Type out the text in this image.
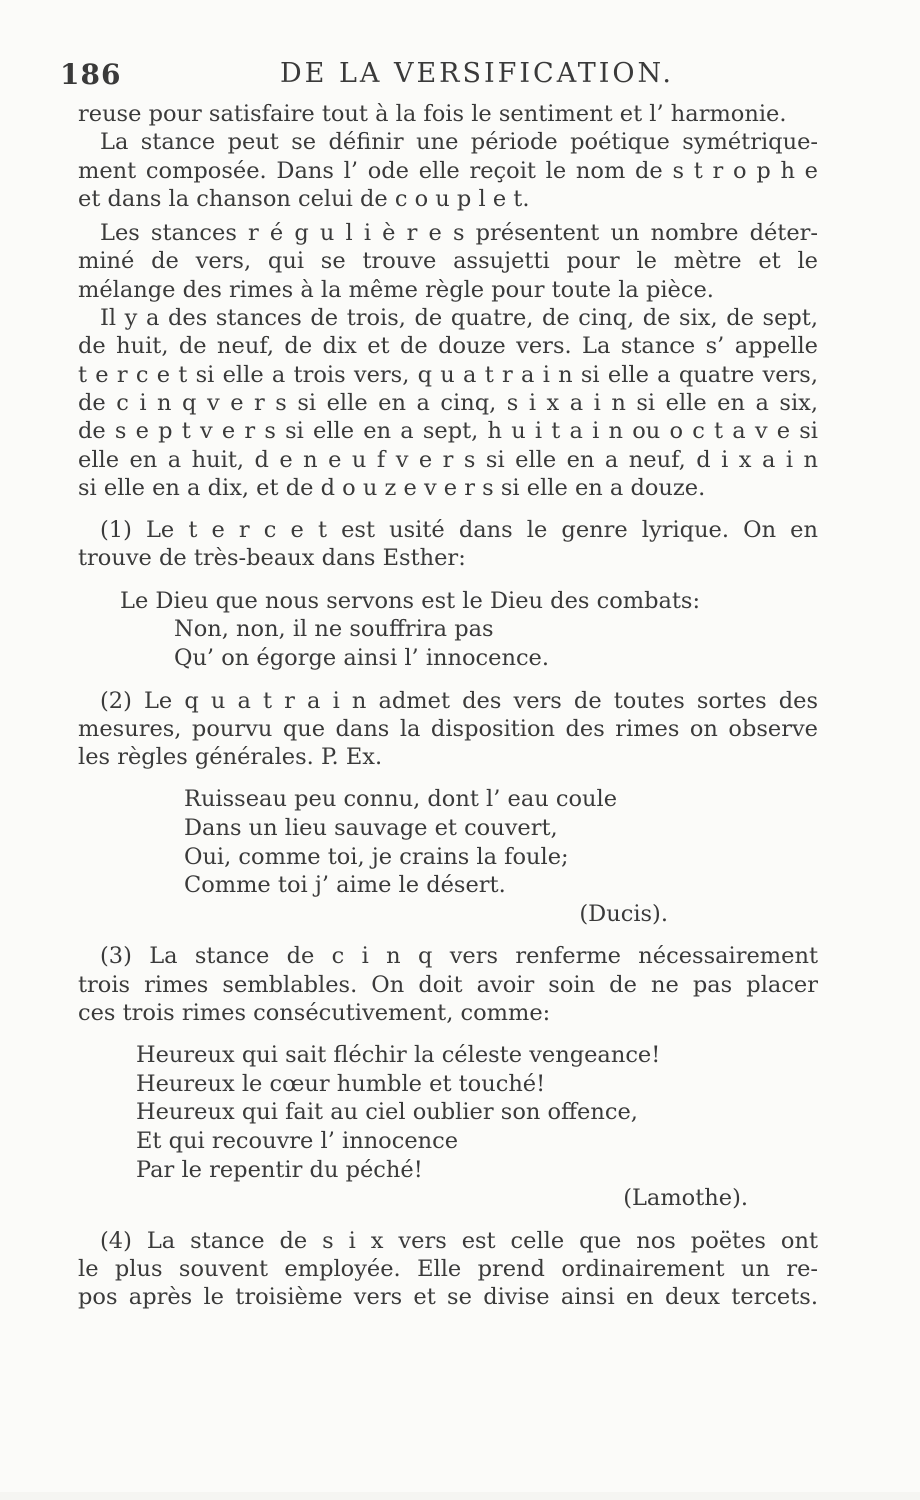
186	DE LA VERSIFICATION.
reuse pour satisfaire tout à la fois le sentiment et l’ harmonie.
La stance peut se définir une période poétique symétrique-
ment composée. Dans l’ ode elle reçoit le nom de s t r o p h e
et dans la chanson celui de c o u p l e t.
Les stances r é g u l i è r e s présentent un nombre déter-
miné de vers, qui se trouve assujetti pour le mètre et le
mélange des rimes à la même règle pour toute la pièce.
Il y a des stances de trois, de quatre, de cinq, de six, de sept,
de huit, de neuf, de dix et de douze vers. La stance s’ appelle
t e r c e t si elle a trois vers, q u a t r a i n si elle a quatre vers,
de c i n q v e r s si elle en a cinq, s i x a i n si elle en a six,
de s e p t v e r s si elle en a sept, h u i t a i n ou o c t a v e si
elle en a huit, d e n e u f v e r s si elle en a neuf, d i x a i n
si elle en a dix, et de d o u z e v e r s si elle en a douze.
(1) Le t e r c e t est usité dans le genre lyrique. On en
trouve de très-beaux dans Esther:
Le Dieu que nous servons est le Dieu des combats:
Non, non, il ne souffrira pas
Qu’ on égorge ainsi l’ innocence.
(2) Le q u a t r a i n admet des vers de toutes sortes des
mesures, pourvu que dans la disposition des rimes on observe
les règles générales. P. Ex.
Ruisseau peu connu, dont l’ eau coule
Dans un lieu sauvage et couvert,
Oui, comme toi, je crains la foule;
Comme toi j’ aime le désert.
(Ducis).
(3) La stance de c i n q vers renferme nécessairement
trois rimes semblables. On doit avoir soin de ne pas placer
ces trois rimes consécutivement, comme:
Heureux qui sait fléchir la céleste vengeance!
Heureux le cœur humble et touché!
Heureux qui fait au ciel oublier son offence,
Et qui recouvre l’ innocence
Par le repentir du péché!
(Lamothe).
(4) La stance de s i x vers est celle que nos poëtes ont
le plus souvent employée. Elle prend ordinairement un re-
pos après le troisième vers et se divise ainsi en deux tercets.
